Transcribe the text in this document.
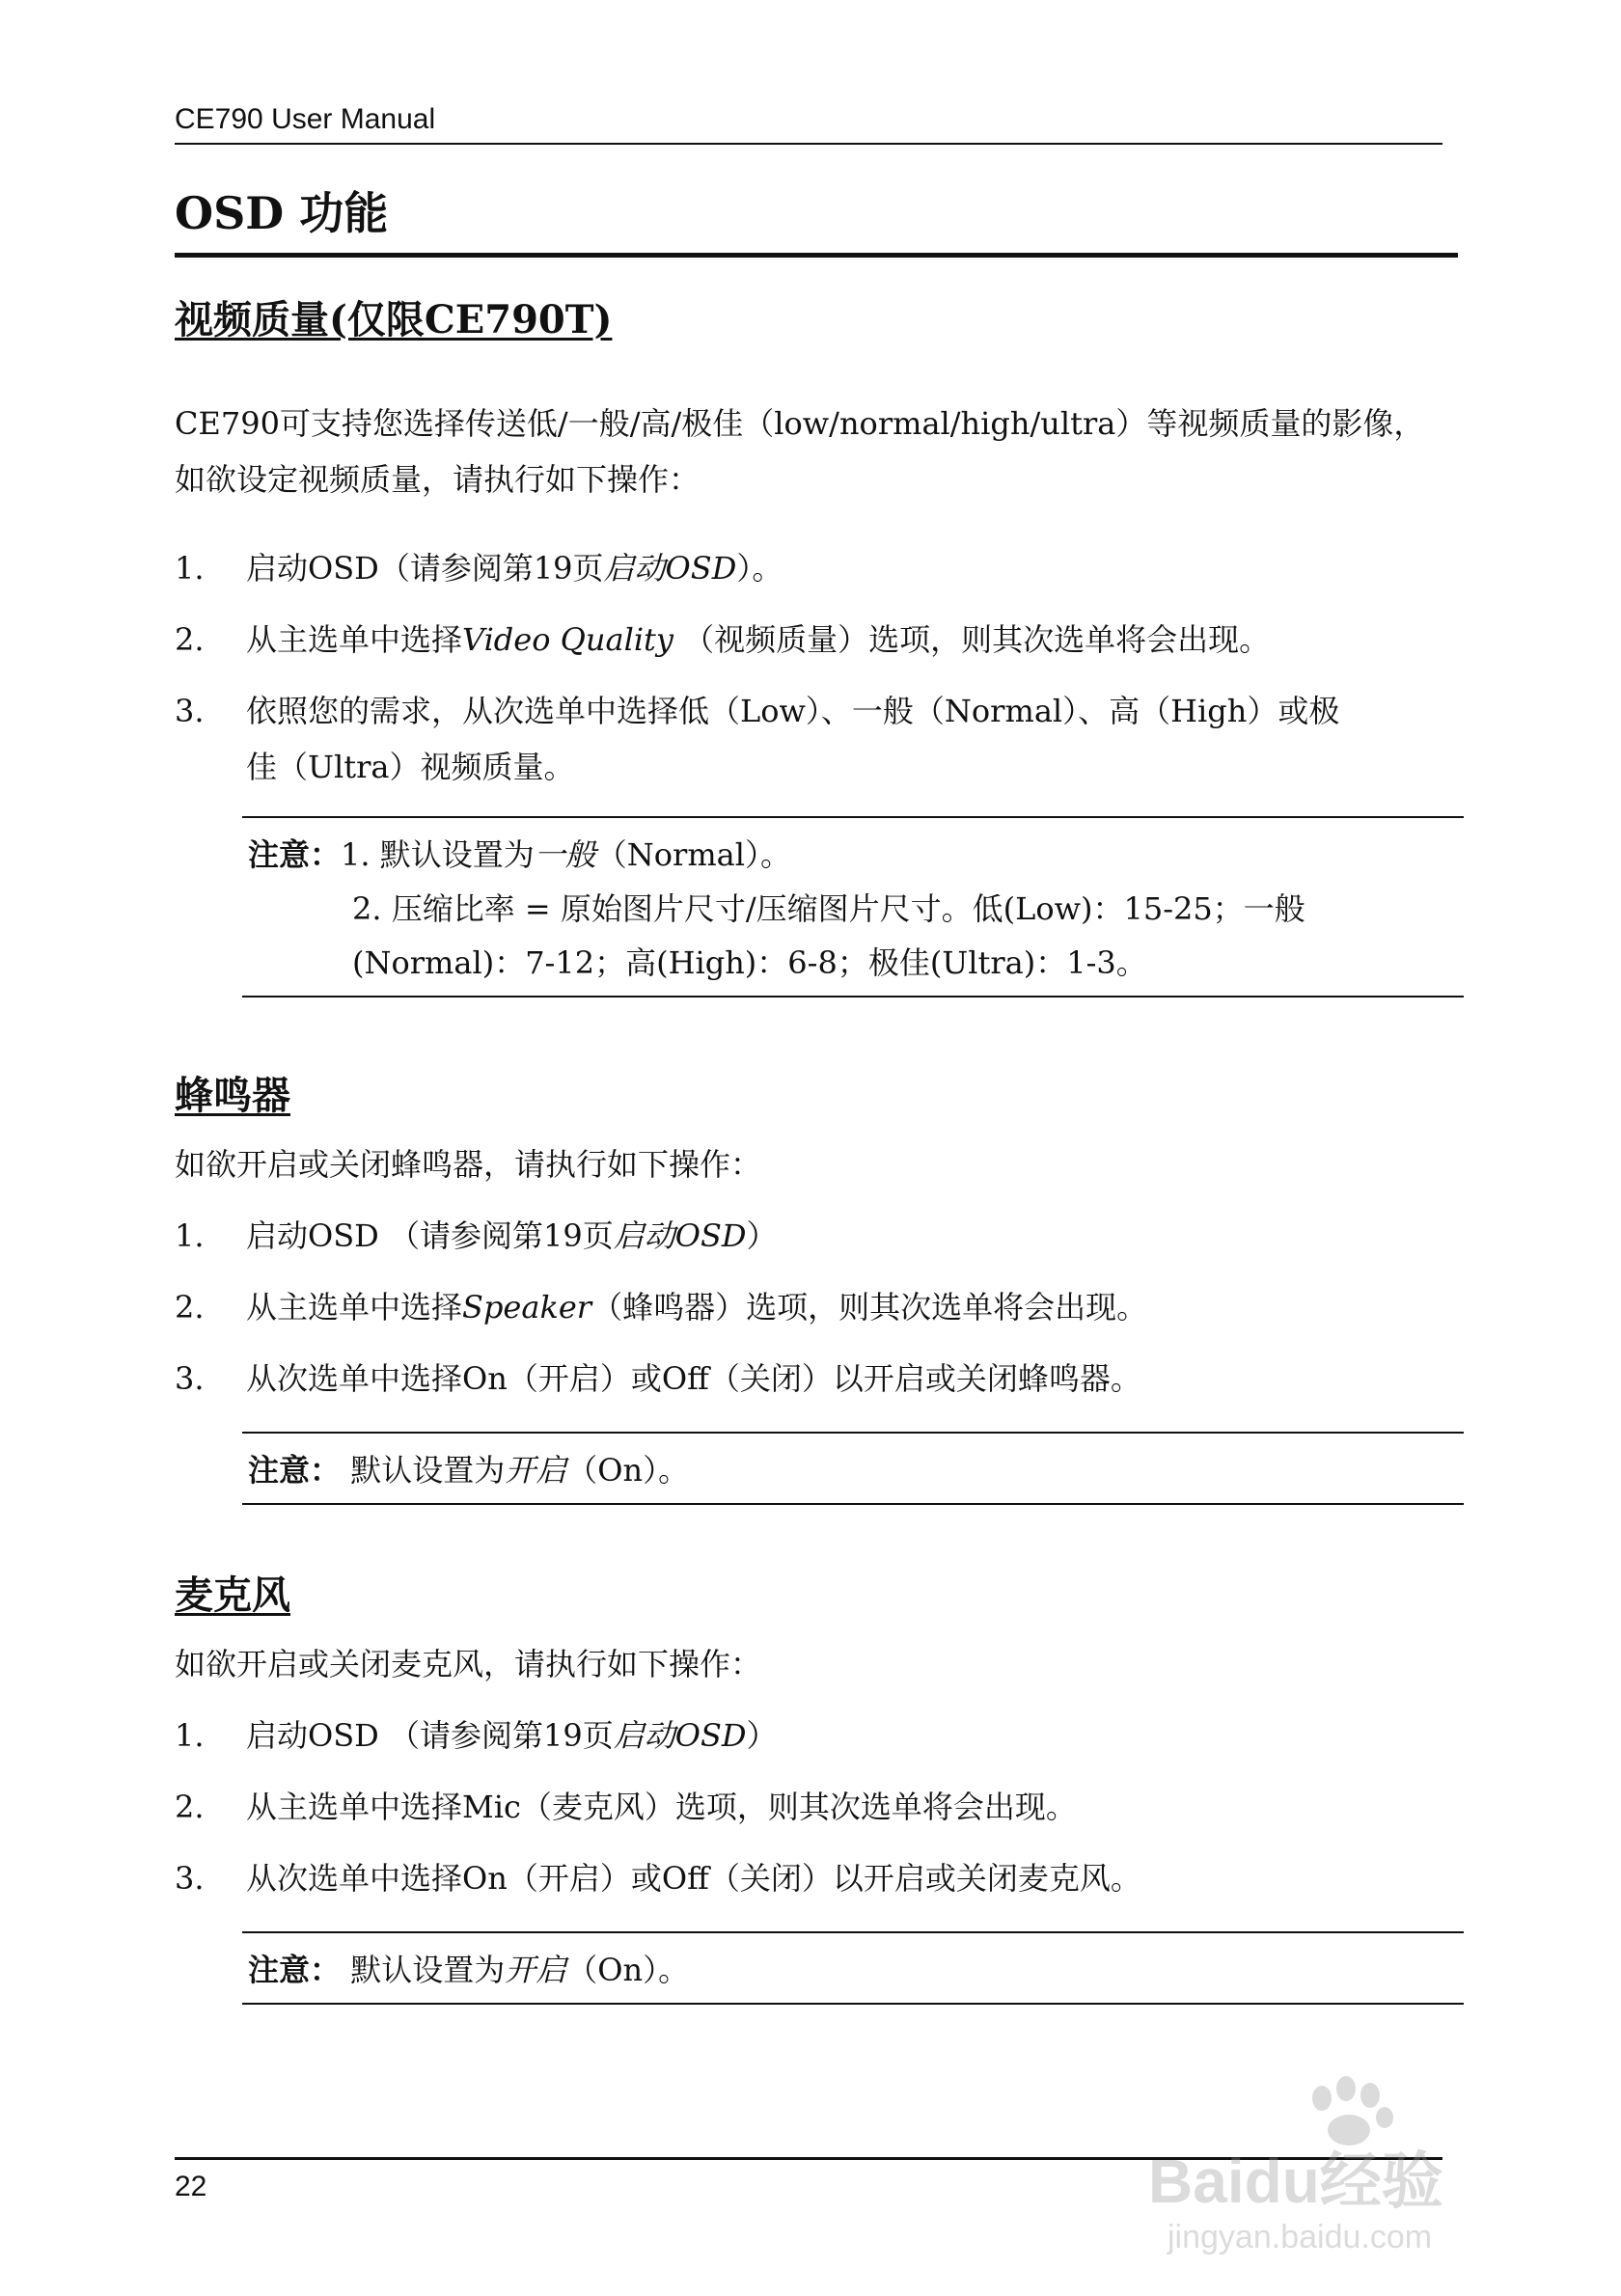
CE790 User Manual
OSD 功能
视频质量(仅限CE790T)

CE790可支持您选择传送低/一般/高/极佳（low/normal/high/ultra）等视频质量的影像，

如欲设定视频质量，请执行如下操作：

1. 启动OSD（请参阅第19页启动OSD）。
2. 从主选单中选择Video Quality （视频质量）选项，则其次选单将会出现。
3. 依照您的需求，从次选单中选择低（Low）、一般（Normal）、高（High）或极
佳（Ultra）视频质量。
注意：1. 默认设置为一般（Normal）。
2. 压缩比率 = 原始图片尺寸/压缩图片尺寸。低(Low)：15-25；一般
(Normal)：7-12；高(High)：6-8；极佳(Ultra)：1-3。
蜂鸣器

如欲开启或关闭蜂鸣器，请执行如下操作：

1. 启动OSD （请参阅第19页启动OSD）
2. 从主选单中选择Speaker（蜂鸣器）选项，则其次选单将会出现。
3. 从次选单中选择On（开启）或Off（关闭）以开启或关闭蜂鸣器。
注意： 默认设置为开启（On）。
麦克风

如欲开启或关闭麦克风，请执行如下操作：

1. 启动OSD （请参阅第19页启动OSD）
2. 从主选单中选择Mic（麦克风）选项，则其次选单将会出现。
3. 从次选单中选择On（开启）或Off（关闭）以开启或关闭麦克风。
注意： 默认设置为开启（On）。
22	Baidu经验
jingyan.baidu.com
